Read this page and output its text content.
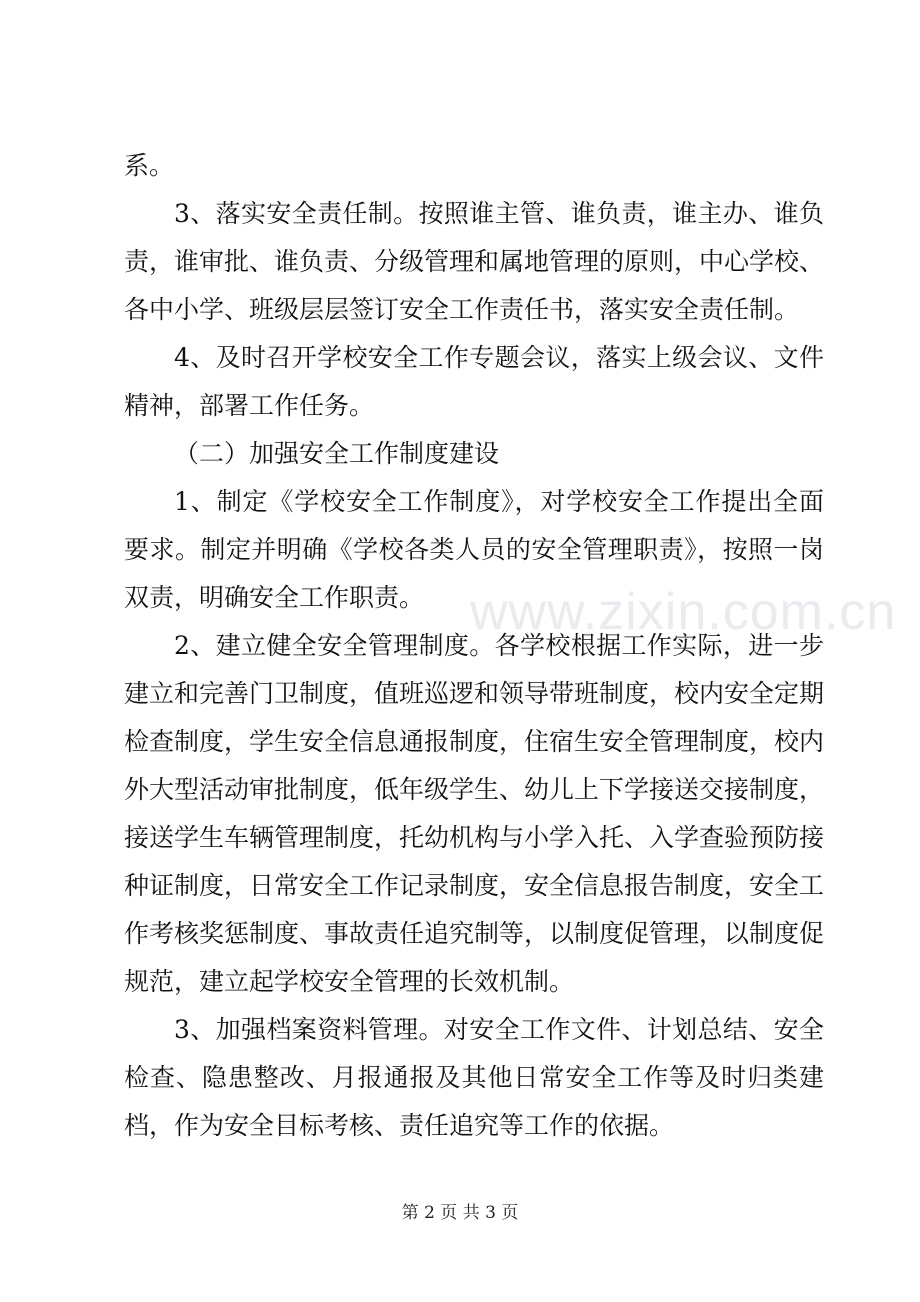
系。

3、落实安全责任制。按照谁主管、谁负责，谁主办、谁负责，谁审批、谁负责、分级管理和属地管理的原则，中心学校、各中小学、班级层层签订安全工作责任书，落实安全责任制。

4、及时召开学校安全工作专题会议，落实上级会议、文件精神，部署工作任务。

（二）加强安全工作制度建设

1、制定《学校安全工作制度》，对学校安全工作提出全面要求。制定并明确《学校各类人员的安全管理职责》，按照一岗双责，明确安全工作职责。

2、建立健全安全管理制度。各学校根据工作实际，进一步建立和完善门卫制度，值班巡逻和领导带班制度，校内安全定期检查制度，学生安全信息通报制度，住宿生安全管理制度，校内外大型活动审批制度，低年级学生、幼儿上下学接送交接制度，接送学生车辆管理制度，托幼机构与小学入托、入学查验预防接种证制度，日常安全工作记录制度，安全信息报告制度，安全工作考核奖惩制度、事故责任追究制等，以制度促管理，以制度促规范，建立起学校安全管理的长效机制。

3、加强档案资料管理。对安全工作文件、计划总结、安全检查、隐患整改、月报通报及其他日常安全工作等及时归类建档，作为安全目标考核、责任追究等工作的依据。

www.zixin.com.cn
第 2 页 共 3 页
